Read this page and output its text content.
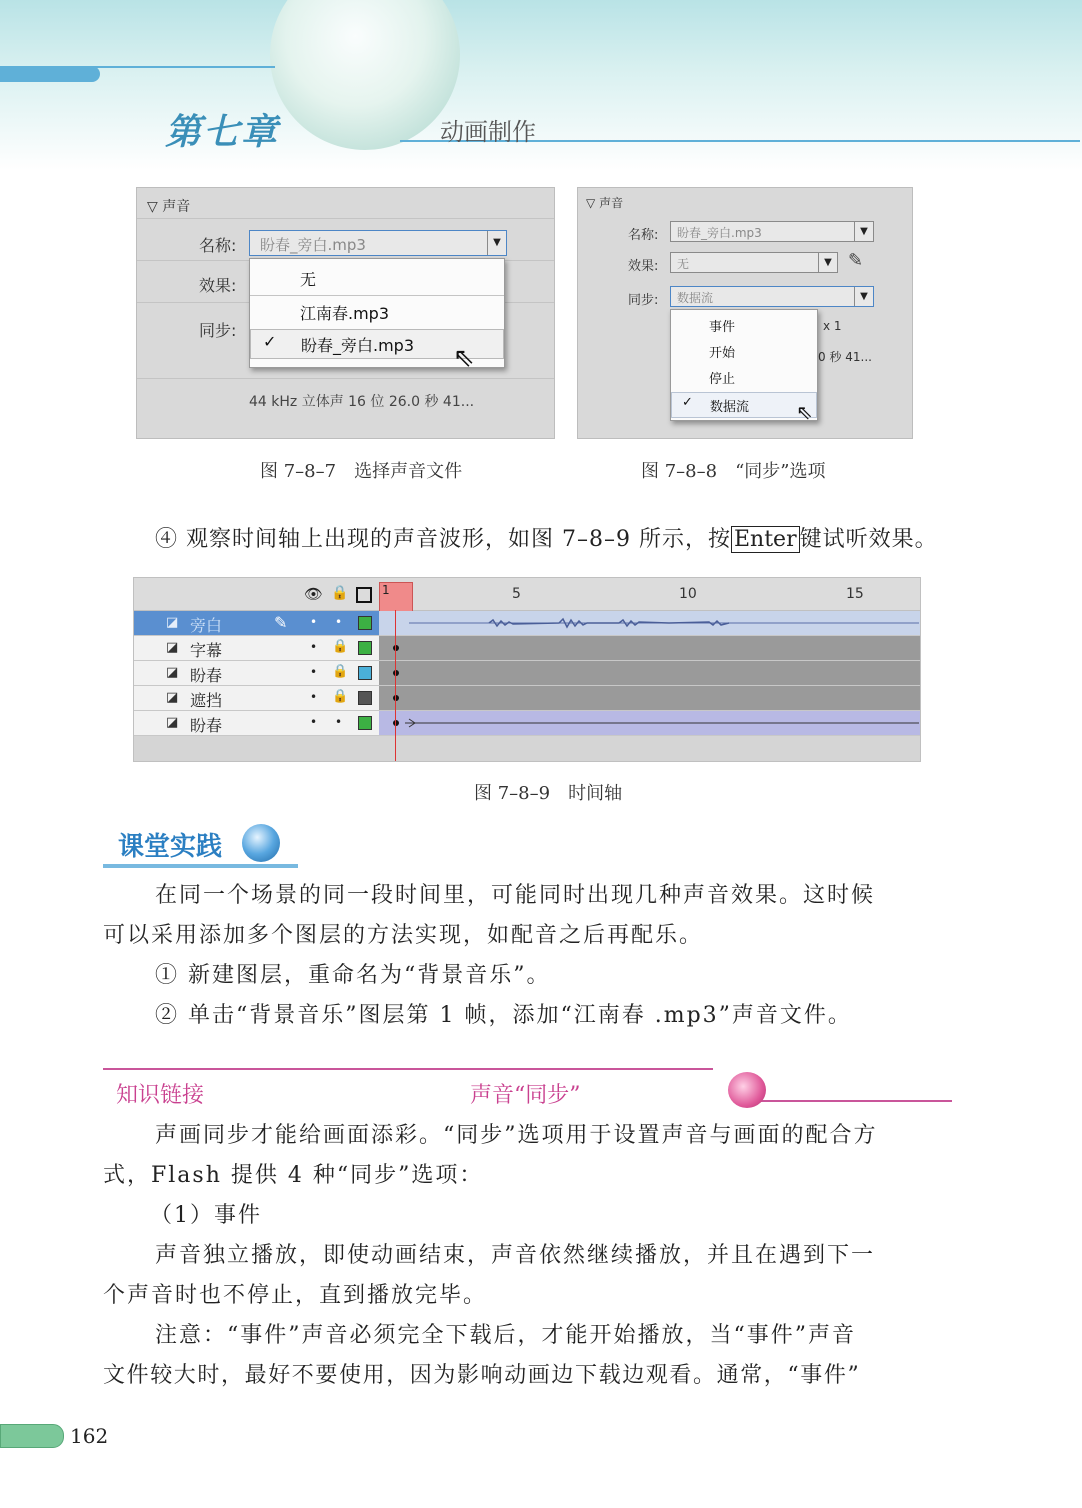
第七章	动画制作
▽ 声音
名称: 盼春_旁白.mp3	▼
效果:
同步:
44 kHz 立体声 16 位 26.0 秒 41...
无
江南春.mp3
✓ 盼春_旁白.mp3 ⇖
图 7–8–7　选择声音文件
▽ 声音
名称: 盼春_旁白.mp3	▼
效果: 无	▼ ✎
同步: 数据流	▼
x 1
0 秒 41...
事件
开始
停止
✓ 数据流 ⇖
图 7–8–8　“同步”选项
④ 观察时间轴上出现的声音波形，如图 7–8–9 所示，按 Enter 键试听效果。
👁 🔒	1	5	10	15
◪ 旁白	✎ • •
◪ 字幕	• 🔒
◪ 盼春	• 🔒
◪ 遮挡	• 🔒
◪ 盼春	• •
图 7–8–9　时间轴
课堂实践
在同一个场景的同一段时间里，可能同时出现几种声音效果。这时候
可以采用添加多个图层的方法实现，如配音之后再配乐。
① 新建图层，重命名为“背景音乐”。
② 单击“背景音乐”图层第 1 帧，添加“江南春 .mp3”声音文件。
知识链接	声音“同步”
声画同步才能给画面添彩。“同步”选项用于设置声音与画面的配合方
式，Flash 提供 4 种“同步”选项：
（1）事件
声音独立播放，即使动画结束，声音依然继续播放，并且在遇到下一
个声音时也不停止，直到播放完毕。
注意：“事件”声音必须完全下载后，才能开始播放，当“事件”声音
文件较大时，最好不要使用，因为影响动画边下载边观看。通常，“事件”
162
